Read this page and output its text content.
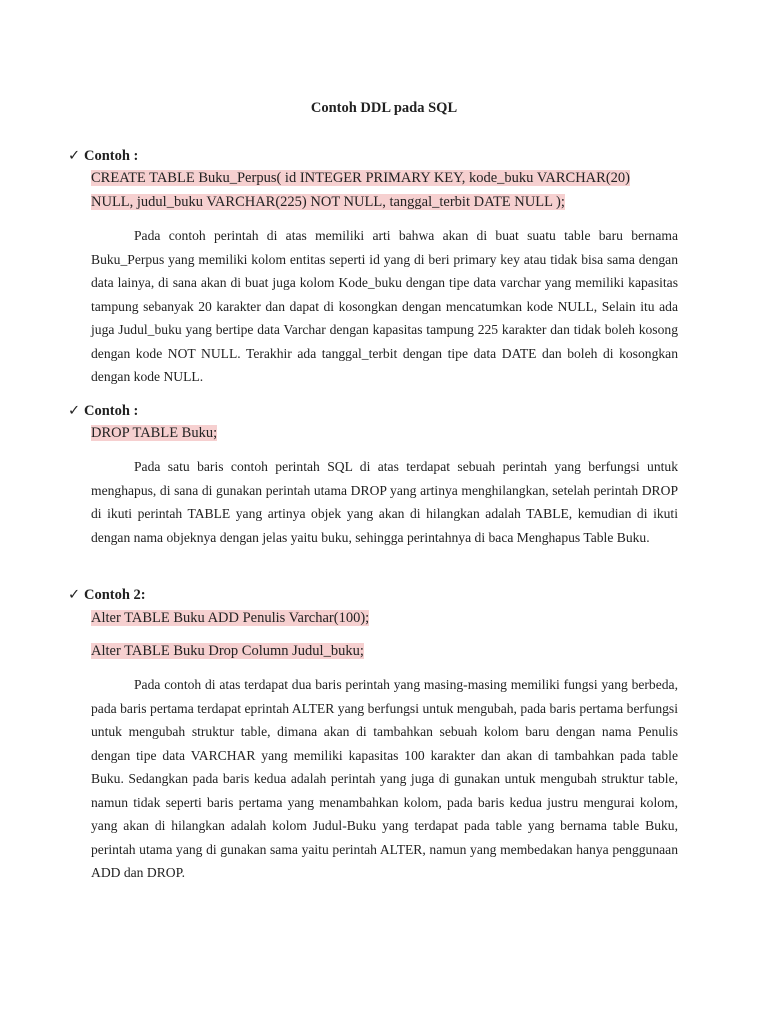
Contoh DDL pada SQL
✓ Contoh :
CREATE TABLE Buku_Perpus( id INTEGER PRIMARY KEY, kode_buku VARCHAR(20)
NULL, judul_buku VARCHAR(225) NOT NULL, tanggal_terbit DATE NULL );
Pada contoh perintah di atas memiliki arti bahwa akan di buat suatu table baru bernama Buku_Perpus yang memiliki kolom entitas seperti id yang di beri primary key atau tidak bisa sama dengan data lainya, di sana akan di buat juga kolom Kode_buku dengan tipe data varchar yang memiliki kapasitas tampung sebanyak 20 karakter dan dapat di kosongkan dengan mencatumkan kode NULL, Selain itu ada juga Judul_buku yang bertipe data Varchar dengan kapasitas tampung 225 karakter dan tidak boleh kosong dengan kode NOT NULL. Terakhir ada tanggal_terbit dengan tipe data DATE dan boleh di kosongkan dengan kode NULL.
✓ Contoh :
DROP TABLE Buku;
Pada satu baris contoh perintah SQL di atas terdapat sebuah perintah yang berfungsi untuk menghapus, di sana di gunakan perintah utama DROP yang artinya menghilangkan, setelah perintah DROP di ikuti perintah TABLE yang artinya objek yang akan di hilangkan adalah TABLE, kemudian di ikuti dengan nama objeknya dengan jelas yaitu buku, sehingga perintahnya di baca Menghapus Table Buku.
✓ Contoh 2:
Alter TABLE Buku ADD Penulis Varchar(100);
Alter TABLE Buku Drop Column Judul_buku;
Pada contoh di atas terdapat dua baris perintah yang masing-masing memiliki fungsi yang berbeda, pada baris pertama terdapat eprintah ALTER yang berfungsi untuk mengubah, pada baris pertama berfungsi untuk mengubah struktur table, dimana akan di tambahkan sebuah kolom baru dengan nama Penulis dengan tipe data VARCHAR yang memiliki kapasitas 100 karakter dan akan di tambahkan pada table Buku. Sedangkan pada baris kedua adalah perintah yang juga di gunakan untuk mengubah struktur table, namun tidak seperti baris pertama yang menambahkan kolom, pada baris kedua justru mengurai kolom, yang akan di hilangkan adalah kolom Judul-Buku yang terdapat pada table yang bernama table Buku, perintah utama yang di gunakan sama yaitu perintah ALTER, namun yang membedakan hanya penggunaan ADD dan DROP.
